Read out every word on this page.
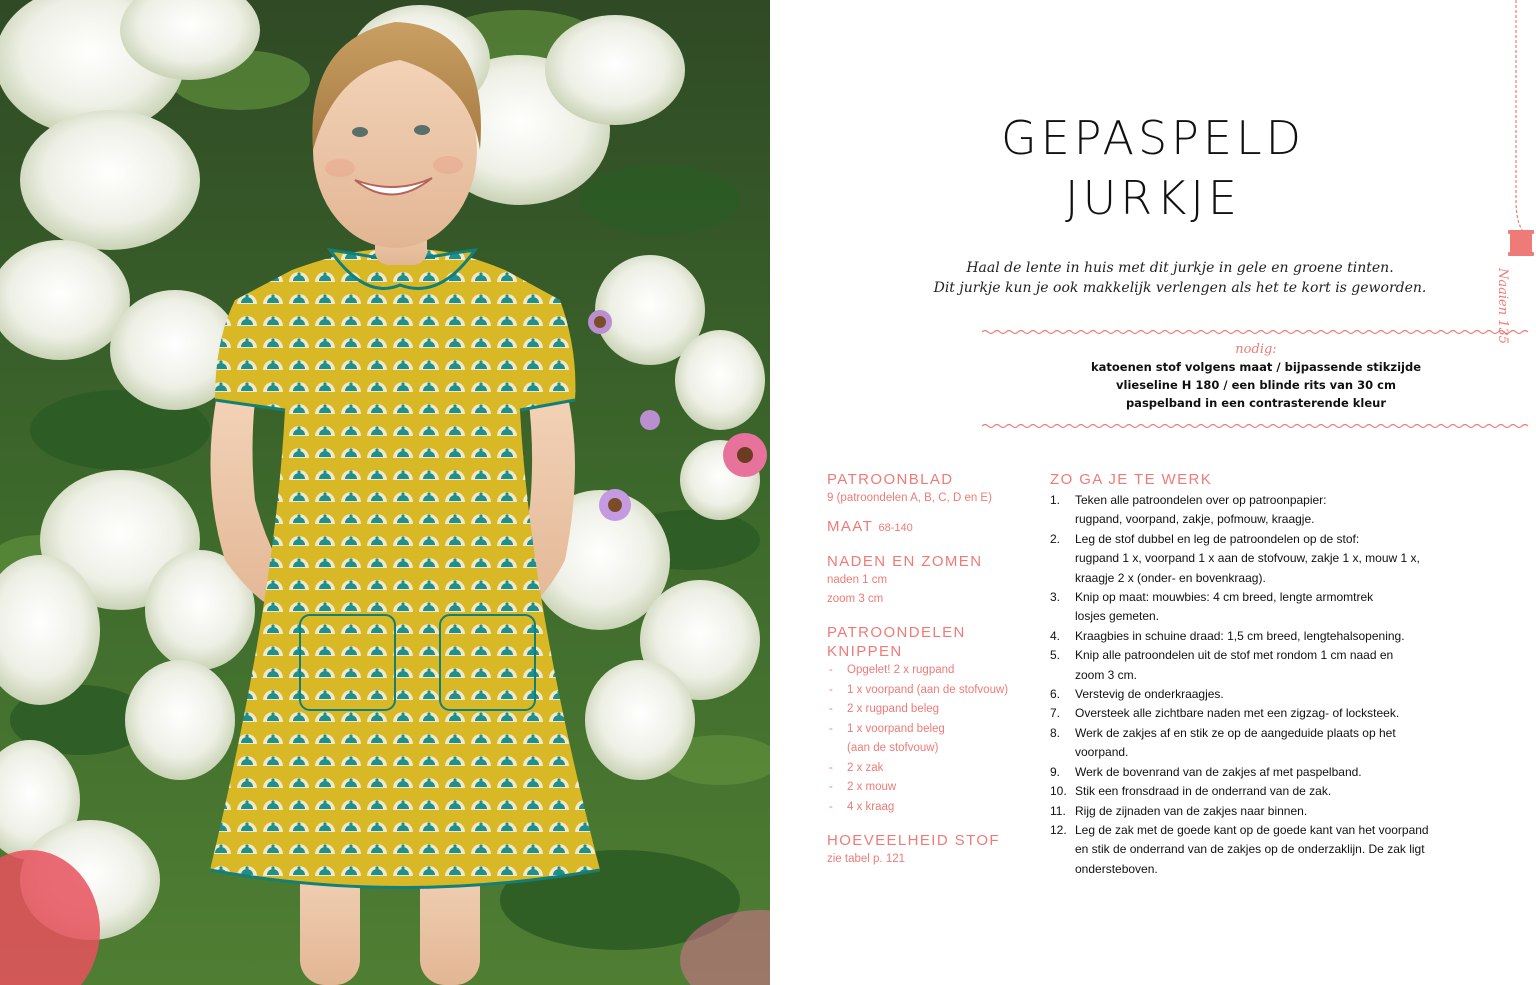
GEPASPELD
JURKJE
Haal de lente in huis met dit jurkje in gele en groene tinten.
Dit jurkje kun je ook makkelijk verlengen als het te kort is geworden.
nodig:
katoenen stof volgens maat / bijpassende stikzijde
vlieseline H 180 / een blinde rits van 30 cm
paspelband in een contrasterende kleur
PATROONBLAD
9 (patroondelen A, B, C, D en E)
MAAT 68-140
NADEN EN ZOMEN
naden 1 cm
zoom 3 cm
PATROONDELEN
KNIPPEN
- Opgelet! 2 x rugpand
- 1 x voorpand (aan de stofvouw)
- 2 x rugpand beleg
- 1 x voorpand beleg
(aan de stofvouw)
- 2 x zak
- 2 x mouw
- 4 x kraag
HOEVEELHEID STOF
zie tabel p. 121
ZO GA JE TE WERK
1. Teken alle patroondelen over op patroonpapier:
rugpand, voorpand, zakje, pofmouw, kraagje.
2. Leg de stof dubbel en leg de patroondelen op de stof:
rugpand 1 x, voorpand 1 x aan de stofvouw, zakje 1 x, mouw 1 x,
kraagje 2 x (onder- en bovenkraag).
3. Knip op maat: mouwbies: 4 cm breed, lengte armomtrek
losjes gemeten.
4. Kraagbies in schuine draad: 1,5 cm breed, lengtehalsopening.
5. Knip alle patroondelen uit de stof met rondom 1 cm naad en
zoom 3 cm.
6. Verstevig de onderkraagjes.
7. Oversteek alle zichtbare naden met een zigzag- of locksteek.
8. Werk de zakjes af en stik ze op de aangeduide plaats op het
voorpand.
9. Werk de bovenrand van de zakjes af met paspelband.
10. Stik een fronsdraad in de onderrand van de zak.
11. Rijg de zijnaden van de zakjes naar binnen.
12. Leg de zak met de goede kant op de goede kant van het voorpand
en stik de onderrand van de zakjes op de onderzaklijn. De zak ligt
ondersteboven.
Naaien 135
